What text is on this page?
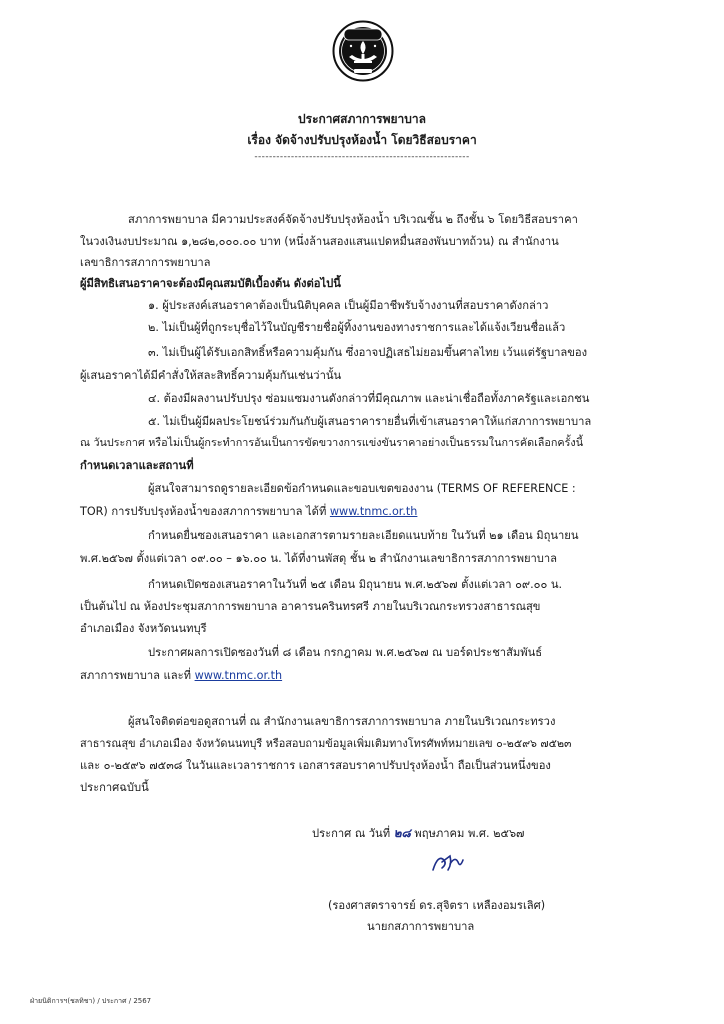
ประกาศสภาการพยาบาล
เรื่อง จัดจ้างปรับปรุงห้องน้ำ โดยวิธีสอบราคา
-----------------------------------------------------------
สภาการพยาบาล มีความประสงค์จัดจ้างปรับปรุงห้องน้ำ บริเวณชั้น ๒ ถึงชั้น ๖ โดยวิธีสอบราคา
ในวงเงินงบประมาณ ๑,๒๘๒,๐๐๐.๐๐ บาท (หนึ่งล้านสองแสนแปดหมื่นสองพันบาทถ้วน) ณ สำนักงาน
เลขาธิการสภาการพยาบาล
ผู้มีสิทธิเสนอราคาจะต้องมีคุณสมบัติเบื้องต้น ดังต่อไปนี้
๑. ผู้ประสงค์เสนอราคาต้องเป็นนิติบุคคล เป็นผู้มีอาชีพรับจ้างงานที่สอบราคาดังกล่าว
๒. ไม่เป็นผู้ที่ถูกระบุชื่อไว้ในบัญชีรายชื่อผู้ทิ้งงานของทางราชการและได้แจ้งเวียนชื่อแล้ว
๓. ไม่เป็นผู้ได้รับเอกสิทธิ์หรือความคุ้มกัน ซึ่งอาจปฏิเสธไม่ยอมขึ้นศาลไทย เว้นแต่รัฐบาลของ
ผู้เสนอราคาได้มีคำสั่งให้สละสิทธิ์ความคุ้มกันเช่นว่านั้น
๔. ต้องมีผลงานปรับปรุง ซ่อมแซมงานดังกล่าวที่มีคุณภาพ และน่าเชื่อถือทั้งภาครัฐและเอกชน
๕. ไม่เป็นผู้มีผลประโยชน์ร่วมกันกับผู้เสนอราคารายอื่นที่เข้าเสนอราคาให้แก่สภาการพยาบาล
ณ วันประกาศ หรือไม่เป็นผู้กระทำการอันเป็นการขัดขวางการแข่งขันราคาอย่างเป็นธรรมในการคัดเลือกครั้งนี้
กำหนดเวลาและสถานที่
ผู้สนใจสามารถดูรายละเอียดข้อกำหนดและขอบเขตของงาน (TERMS OF REFERENCE :
TOR) การปรับปรุงห้องน้ำของสภาการพยาบาล ได้ที่ www.tnmc.or.th
กำหนดยื่นซองเสนอราคา และเอกสารตามรายละเอียดแนบท้าย ในวันที่ ๒๑ เดือน มิถุนายน
พ.ศ.๒๕๖๗ ตั้งแต่เวลา ๐๙.๐๐ – ๑๖.๐๐ น. ได้ที่งานพัสดุ ชั้น ๒ สำนักงานเลขาธิการสภาการพยาบาล
กำหนดเปิดซองเสนอราคาในวันที่ ๒๕ เดือน มิถุนายน พ.ศ.๒๕๖๗ ตั้งแต่เวลา ๐๙.๐๐ น.
เป็นต้นไป ณ ห้องประชุมสภาการพยาบาล อาคารนครินทรศรี ภายในบริเวณกระทรวงสาธารณสุข
อำเภอเมือง จังหวัดนนทบุรี
ประกาศผลการเปิดซองวันที่ ๘ เดือน กรกฎาคม พ.ศ.๒๕๖๗ ณ บอร์ดประชาสัมพันธ์
สภาการพยาบาล และที่ www.tnmc.or.th
ผู้สนใจติดต่อขอดูสถานที่ ณ สำนักงานเลขาธิการสภาการพยาบาล ภายในบริเวณกระทรวง
สาธารณสุข อำเภอเมือง จังหวัดนนทบุรี หรือสอบถามข้อมูลเพิ่มเติมทางโทรศัพท์หมายเลข ๐-๒๕๙๖ ๗๕๒๓
และ ๐-๒๕๙๖ ๗๕๓๘ ในวันและเวลาราชการ เอกสารสอบราคาปรับปรุงห้องน้ำ ถือเป็นส่วนหนึ่งของ
ประกาศฉบับนี้
ประกาศ ณ วันที่ ๒๘ พฤษภาคม พ.ศ. ๒๕๖๗
(รองศาสตราจารย์ ดร.สุจิตรา เหลืองอมรเลิศ)
นายกสภาการพยาบาล
ฝ่ายนิติการฯ(ชลทิชา) / ประกาศ / 2567
